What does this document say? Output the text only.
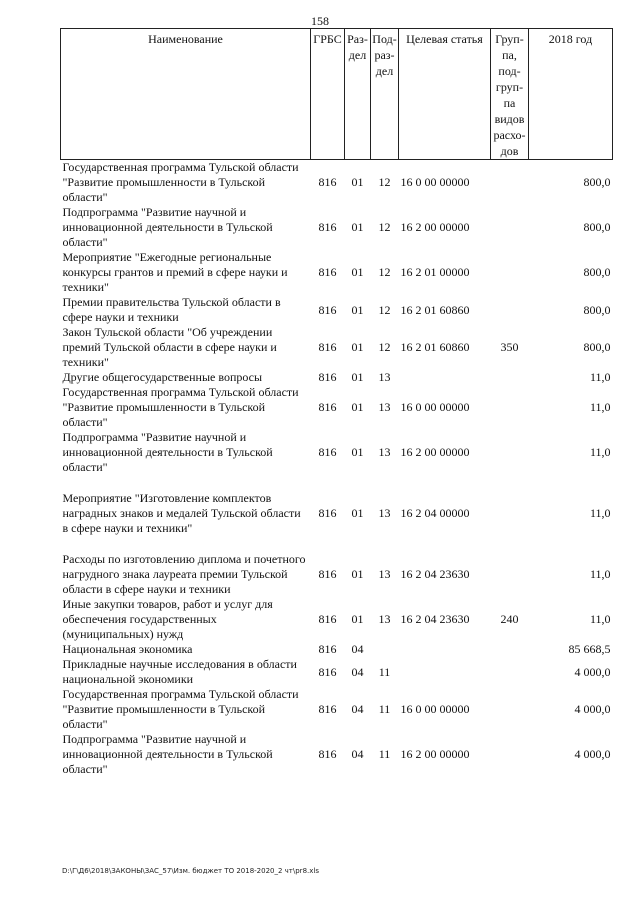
158
Наименование	ГРБС	Раз-дел	Под-раз-дел	Целевая статья	Груп-па, под-груп-па видов расхо-дов	2018 год
Государственная программа Тульской области "Развитие промышленности в Тульской области"	816	01	12	16 0 00 00000		800,0
Подпрограмма "Развитие научной и инновационной деятельности в Тульской области"	816	01	12	16 2 00 00000		800,0
Мероприятие "Ежегодные региональные конкурсы грантов и премий в сфере науки и техники"	816	01	12	16 2 01 00000		800,0
Премии правительства Тульской области в сфере науки и техники	816	01	12	16 2 01 60860		800,0
Закон Тульской области "Об учреждении премий Тульской области в сфере науки и техники"	816	01	12	16 2 01 60860	350	800,0
Другие общегосударственные вопросы	816	01	13			11,0
Государственная программа Тульской области "Развитие промышленности в Тульской области"	816	01	13	16 0 00 00000		11,0
Подпрограмма "Развитие научной и инновационной деятельности в Тульской области"	816	01	13	16 2 00 00000		11,0

Мероприятие "Изготовление комплектов наградных знаков и медалей Тульской области в сфере науки и техники"	816	01	13	16 2 04 00000		11,0

Расходы по изготовлению диплома и почетного нагрудного знака лауреата премии Тульской области в сфере науки и техники	816	01	13	16 2 04 23630		11,0
Иные закупки товаров, работ и услуг для обеспечения государственных (муниципальных) нужд	816	01	13	16 2 04 23630	240	11,0
Национальная экономика	816	04				85 668,5
Прикладные научные исследования в области национальной экономики	816	04	11			4 000,0
Государственная программа Тульской области "Развитие промышленности в Тульской области"	816	04	11	16 0 00 00000		4 000,0
Подпрограмма "Развитие научной и инновационной деятельности в Тульской области"	816	04	11	16 2 00 00000		4 000,0
D:\Г\Д6\2018\ЗАКОНЫ\ЗАС_57\Изм. бюджет ТО 2018-2020_2 чт\pr8.xls
